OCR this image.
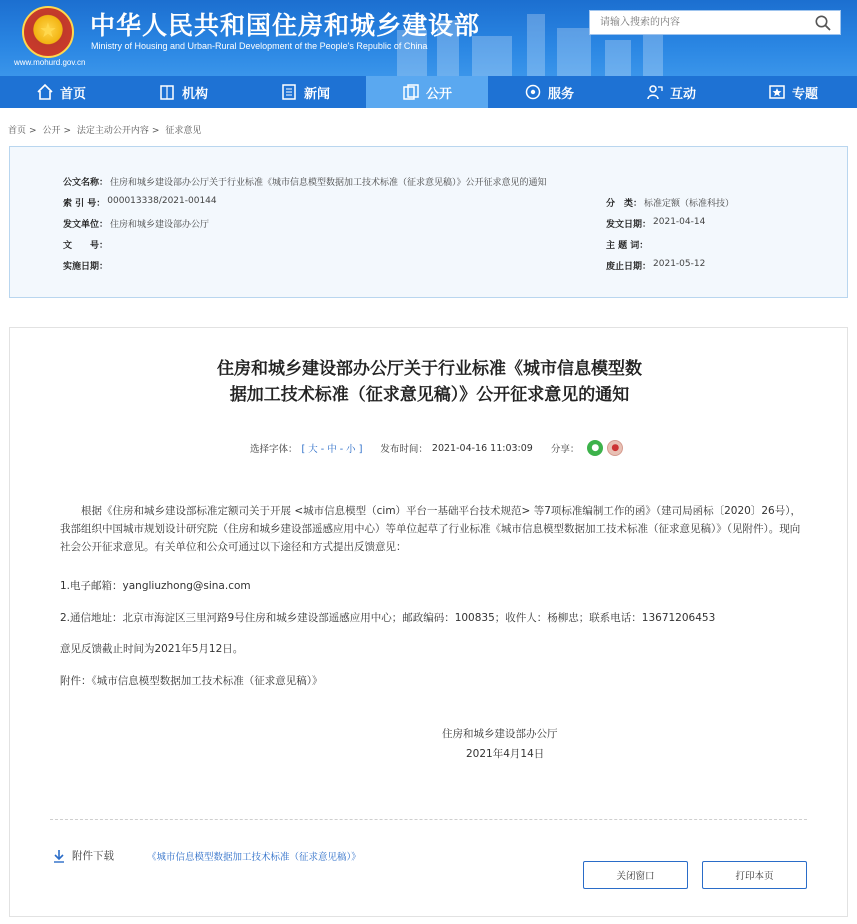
★
www.mohurd.gov.cn
中华人民共和国住房和城乡建设部
Ministry of Housing and Urban-Rural Development of the People's Republic of China
请输入搜索的内容
首页	机构	新闻	公开	服务	互动	专题
首页 > 公开 > 法定主动公开内容 > 征求意见
公文名称： 住房和城乡建设部办公厅关于行业标准《城市信息模型数据加工技术标准（征求意见稿）》公开征求意见的通知
索 引 号： 000013338/2021-00144	分　类： 标准定额（标准科技）
发文单位： 住房和城乡建设部办公厅	发文日期： 2021-04-14
文　　号：	主 题 词：
实施日期：	废止日期： 2021-05-12
住房和城乡建设部办公厅关于行业标准《城市信息模型数
据加工技术标准（征求意见稿）》公开征求意见的通知
选择字体： [ 大 - 中 - 小 ] 发布时间： 2021-04-16 11:03:09 分享：	●	●
根据《住房和城乡建设部标准定额司关于开展 <城市信息模型（cim）平台一基础平台技术规范> 等7项标准编制工作的函》（建司局函标〔2020〕26号），我部组织中国城市规划设计研究院（住房和城乡建设部遥感应用中心）等单位起草了行业标准《城市信息模型数据加工技术标准（征求意见稿）》（见附件）。现向社会公开征求意见。有关单位和公众可通过以下途径和方式提出反馈意见：
1.电子邮箱：yangliuzhong@sina.com
2.通信地址：北京市海淀区三里河路9号住房和城乡建设部遥感应用中心；邮政编码：100835；收件人：杨柳忠；联系电话：13671206453
意见反馈截止时间为2021年5月12日。
附件：《城市信息模型数据加工技术标准（征求意见稿）》
住房和城乡建设部办公厅
2021年4月14日
附件下载	《城市信息模型数据加工技术标准（征求意见稿）》
关闭窗口	打印本页
